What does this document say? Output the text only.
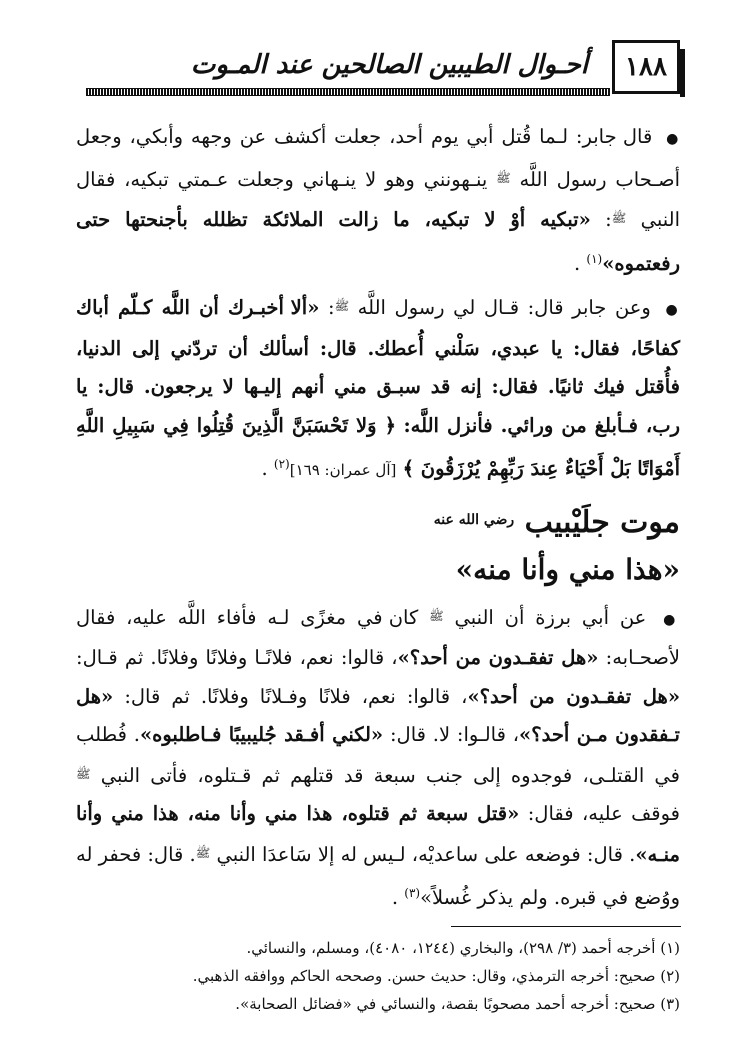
١٨٨
أحـوال الطيبين الصالحين عند المـوت

● قال جابر: لـما قُتل أبي يوم أحد، جعلت أكشف عن وجهه وأبكي، وجعل أصـحاب رسول اللَّه $^ﷺ$ ينـهونني وهو لا ينـهاني وجعلت عـمتي تبكيه، فقال النبي $^ﷺ$: «تبكيه أوْ لا تبكيه، ما زالت الملائكة تظلله بأجنحتها حتى رفعتموه»$^{(١)}$ .

● وعن جابر قال: قـال لي رسول اللَّه $^ﷺ$: «ألا أخبـرك أن اللَّه كـلّم أباك كفاحًا، فقال: يا عبدي، سَلْني أُعطك. قال: أسألك أن تردّني إلى الدنيا، فأُقتل فيك ثانيًا. فقال: إنه قد سبـق مني أنهم إليـها لا يرجعون. قال: يا رب، فـأبلغ من ورائي. فأنزل اللَّه: ﴿ وَلا تَحْسَبَنَّ الَّذِينَ قُتِلُوا فِي سَبِيلِ اللَّهِ أَمْوَاتًا بَلْ أَحْيَاءٌ عِندَ رَبِّهِمْ يُرْزَقُونَ ﴾ [آل عمران: ١٦٩]$^{(٢)}$ .

موت جلَيْبيب $^{رضي الله عنه}$
«هذا مني وأنا منه»

● عن أبي برزة أن النبي $^ﷺ$ كان في مغزًى لـه فأفاء اللَّه عليه، فقال لأصحـابه: «هل تفقـدون من أحد؟»، قالوا: نعم، فلانًـا وفلانًا وفلانًا. ثم قـال: «هل تفقـدون من أحد؟»، قالوا: نعم، فلانًا وفـلانًا وفلانًا. ثم قال: «هل تـفقدون مـن أحد؟»، قالـوا: لا. قال: «لكني أفـقد جُليبيبًا فـاطلبوه». فُطلب في القتلـى، فوجدوه إلى جنب سبعة قد قتلهم ثم قـتلوه، فأتى النبي $^ﷺ$ فوقف عليه، فقال: «قتل سبعة ثم قتلوه، هذا مني وأنا منه، هذا مني وأنا منـه». قال: فوضعه على ساعديْه، لـيس له إلا سَاعدَا النبي $^ﷺ$. قال: فحفر له ووُضع في قبره. ولم يذكر غُسلاً»$^{(٣)}$ .

(١) أخرجه أحمد (٣/ ٢٩٨)، والبخاري (١٢٤٤، ٤٠٨٠)، ومسلم، والنسائي.

(٢) صحيح: أخرجه الترمذي، وقال: حديث حسن. وصححه الحاكم ووافقه الذهبي.

(٣) صحيح: أخرجه أحمد مصحوبًا بقصة، والنسائي في «فضائل الصحابة».
